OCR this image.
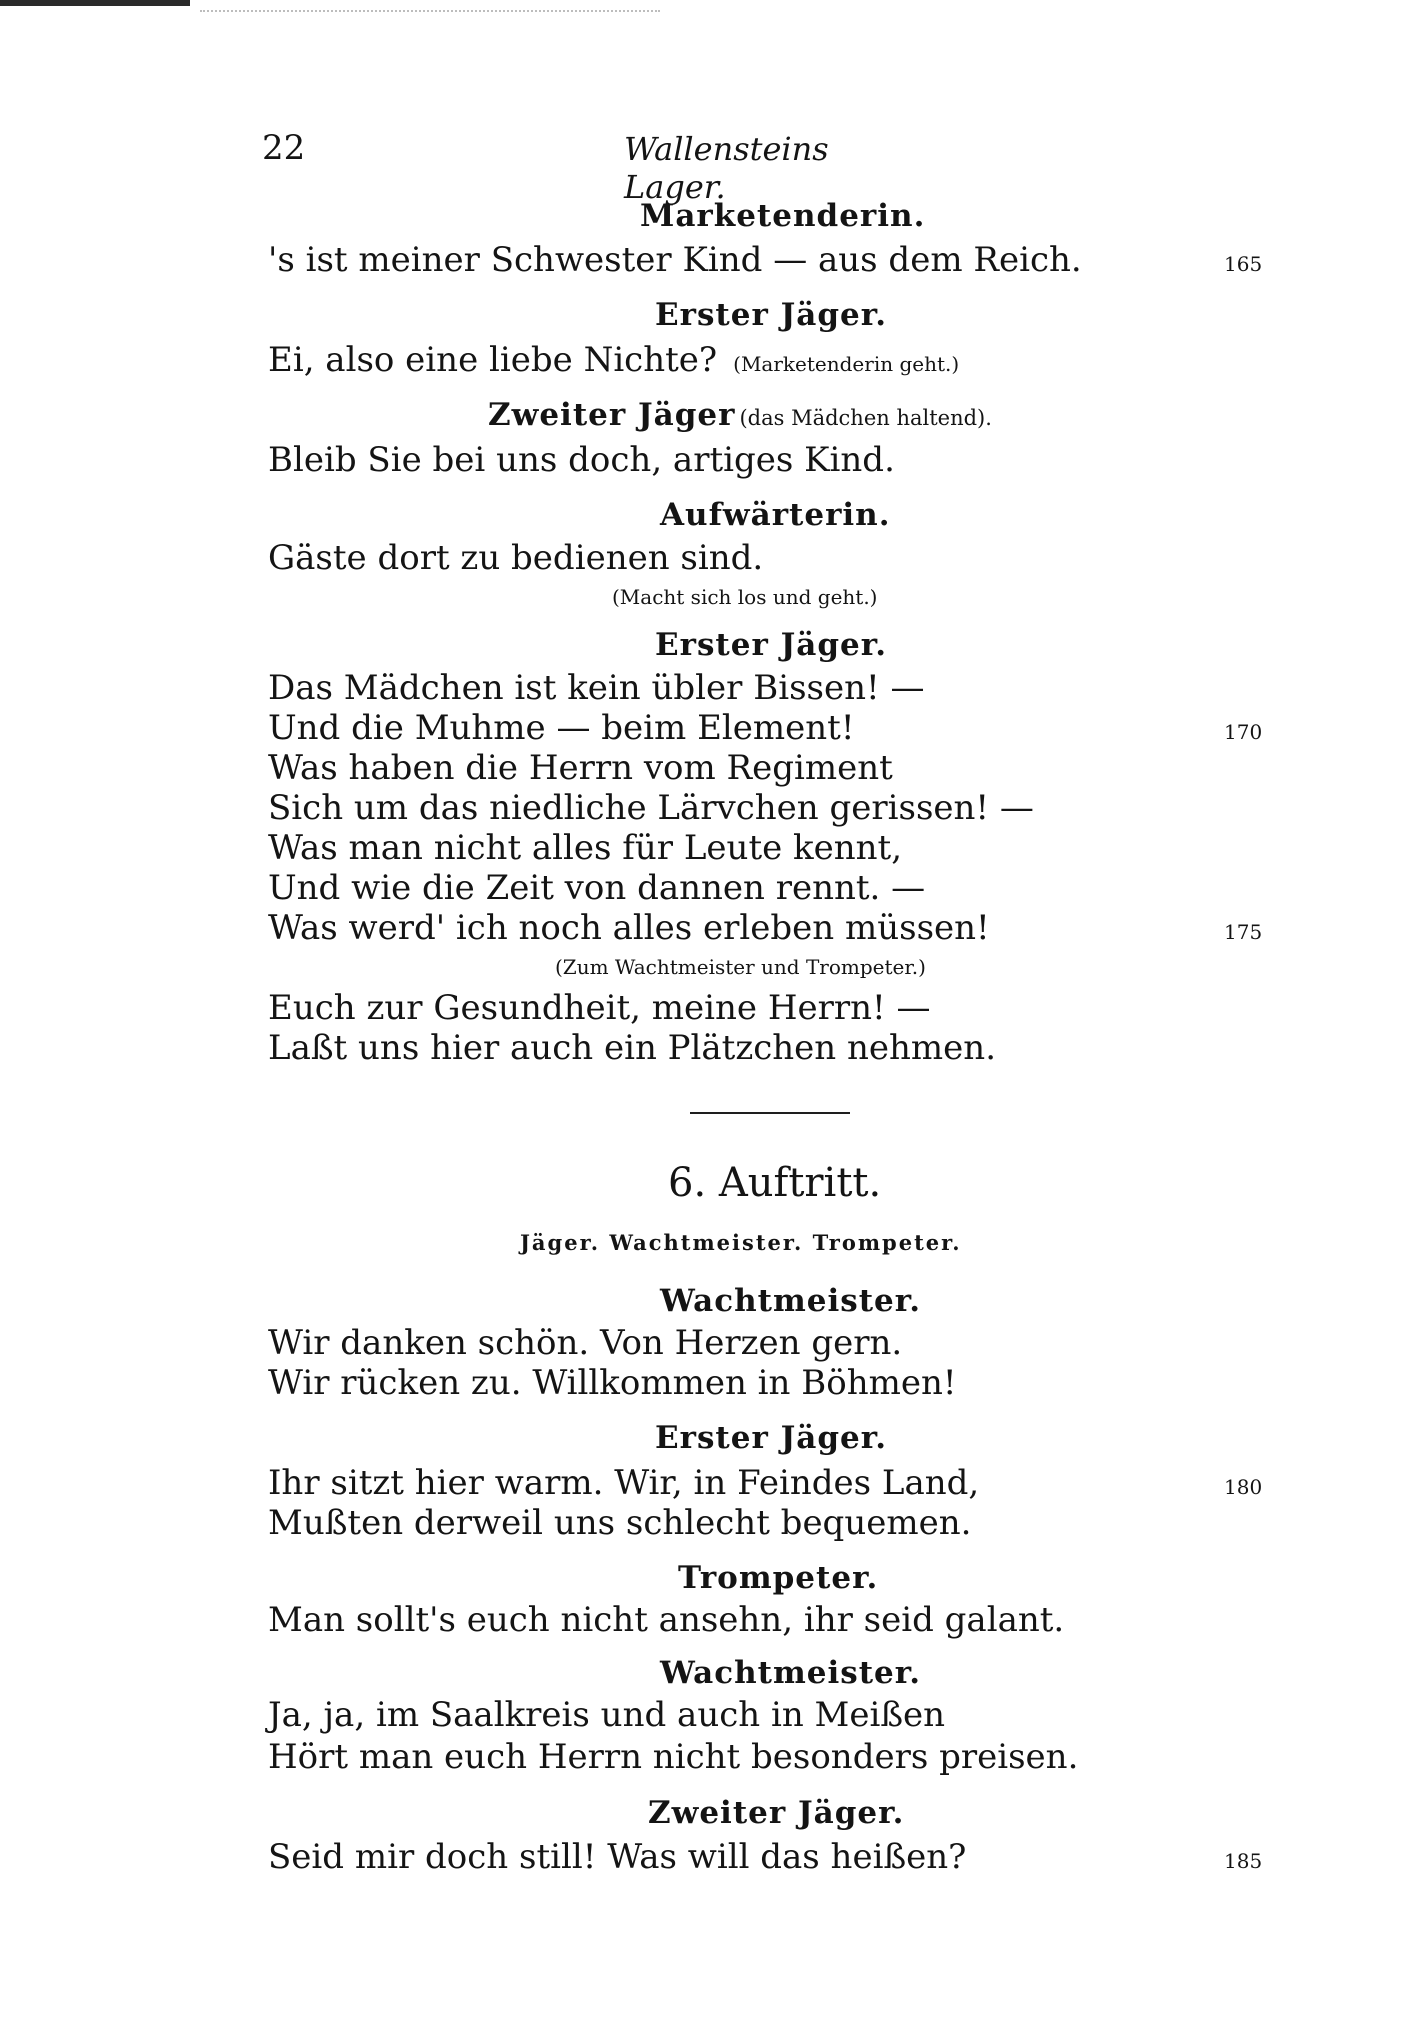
22	Wallensteins Lager.
Marketenderin.
's ist meiner Schwester Kind — aus dem Reich.	165
Erster Jäger.
Ei, also eine liebe Nichte? (Marketenderin geht.)
Zweiter Jäger (das Mädchen haltend).
Bleib Sie bei uns doch, artiges Kind.
Aufwärterin.
Gäste dort zu bedienen sind.
(Macht sich los und geht.)
Erster Jäger.
Das Mädchen ist kein übler Bissen! —
Und die Muhme — beim Element!	170
Was haben die Herrn vom Regiment
Sich um das niedliche Lärvchen gerissen! —
Was man nicht alles für Leute kennt,
Und wie die Zeit von dannen rennt. —
Was werd' ich noch alles erleben müssen!	175
(Zum Wachtmeister und Trompeter.)
Euch zur Gesundheit, meine Herrn! —
Laßt uns hier auch ein Plätzchen nehmen.
6. Auftritt.
Jäger. Wachtmeister. Trompeter.
Wachtmeister.
Wir danken schön. Von Herzen gern.
Wir rücken zu. Willkommen in Böhmen!
Erster Jäger.
Ihr sitzt hier warm. Wir, in Feindes Land,	180
Mußten derweil uns schlecht bequemen.
Trompeter.
Man sollt's euch nicht ansehn, ihr seid galant.
Wachtmeister.
Ja, ja, im Saalkreis und auch in Meißen
Hört man euch Herrn nicht besonders preisen.
Zweiter Jäger.
Seid mir doch still! Was will das heißen?	185
